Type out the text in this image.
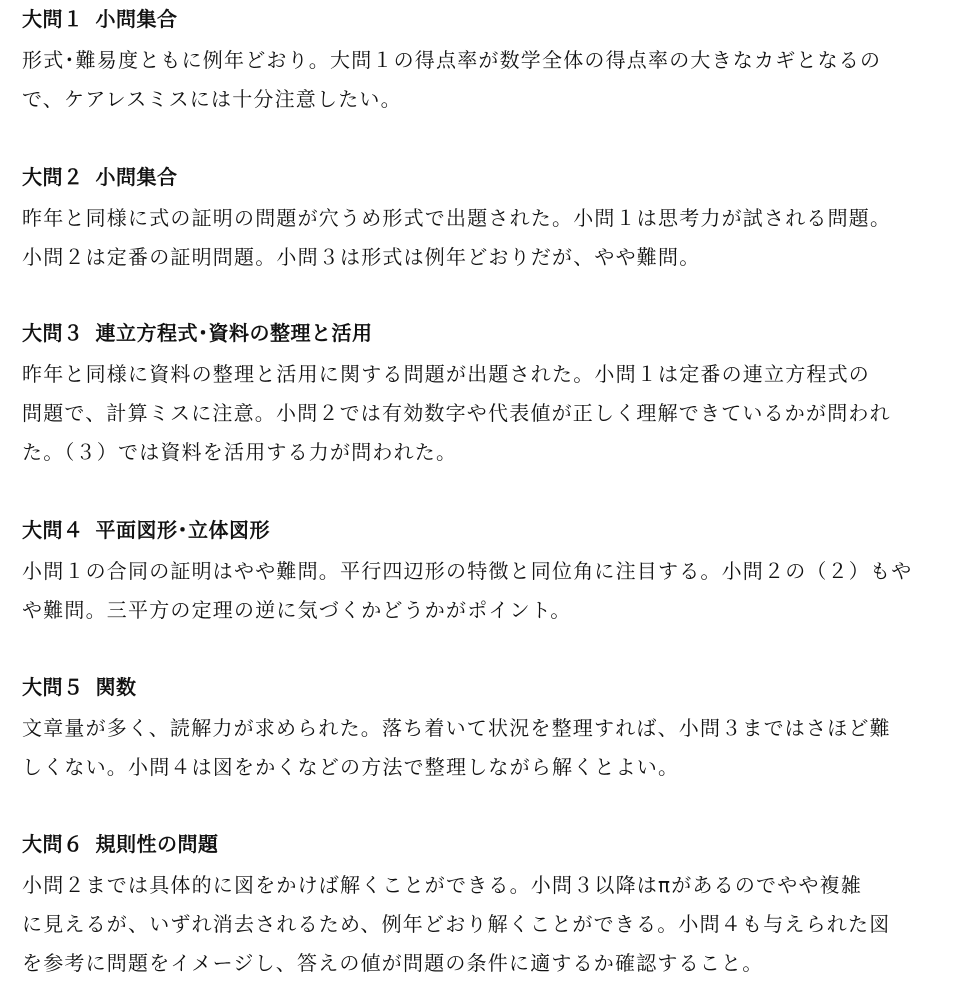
大問１ 小問集合
形式･難易度ともに例年どおり。大問１の得点率が数学全体の得点率の大きなカギとなるの
で、ケアレスミスには十分注意したい。
大問２ 小問集合
昨年と同様に式の証明の問題が穴うめ形式で出題された。小問１は思考力が試される問題。
小問２は定番の証明問題。小問３は形式は例年どおりだが、やや難問。
大問３ 連立方程式･資料の整理と活用
昨年と同様に資料の整理と活用に関する問題が出題された。小問１は定番の連立方程式の
問題で、計算ミスに注意。小問２では有効数字や代表値が正しく理解できているかが問われ
た。（３）では資料を活用する力が問われた。
大問４ 平面図形･立体図形
小問１の合同の証明はやや難問。平行四辺形の特徴と同位角に注目する。小問２の（２）もや
や難問。三平方の定理の逆に気づくかどうかがポイント。
大問５ 関数
文章量が多く、読解力が求められた。落ち着いて状況を整理すれば、小問３まではさほど難
しくない。小問４は図をかくなどの方法で整理しながら解くとよい。
大問６ 規則性の問題
小問２までは具体的に図をかけば解くことができる。小問３以降はπがあるのでやや複雑
に見えるが、いずれ消去されるため、例年どおり解くことができる。小問４も与えられた図
を参考に問題をイメージし、答えの値が問題の条件に適するか確認すること。
